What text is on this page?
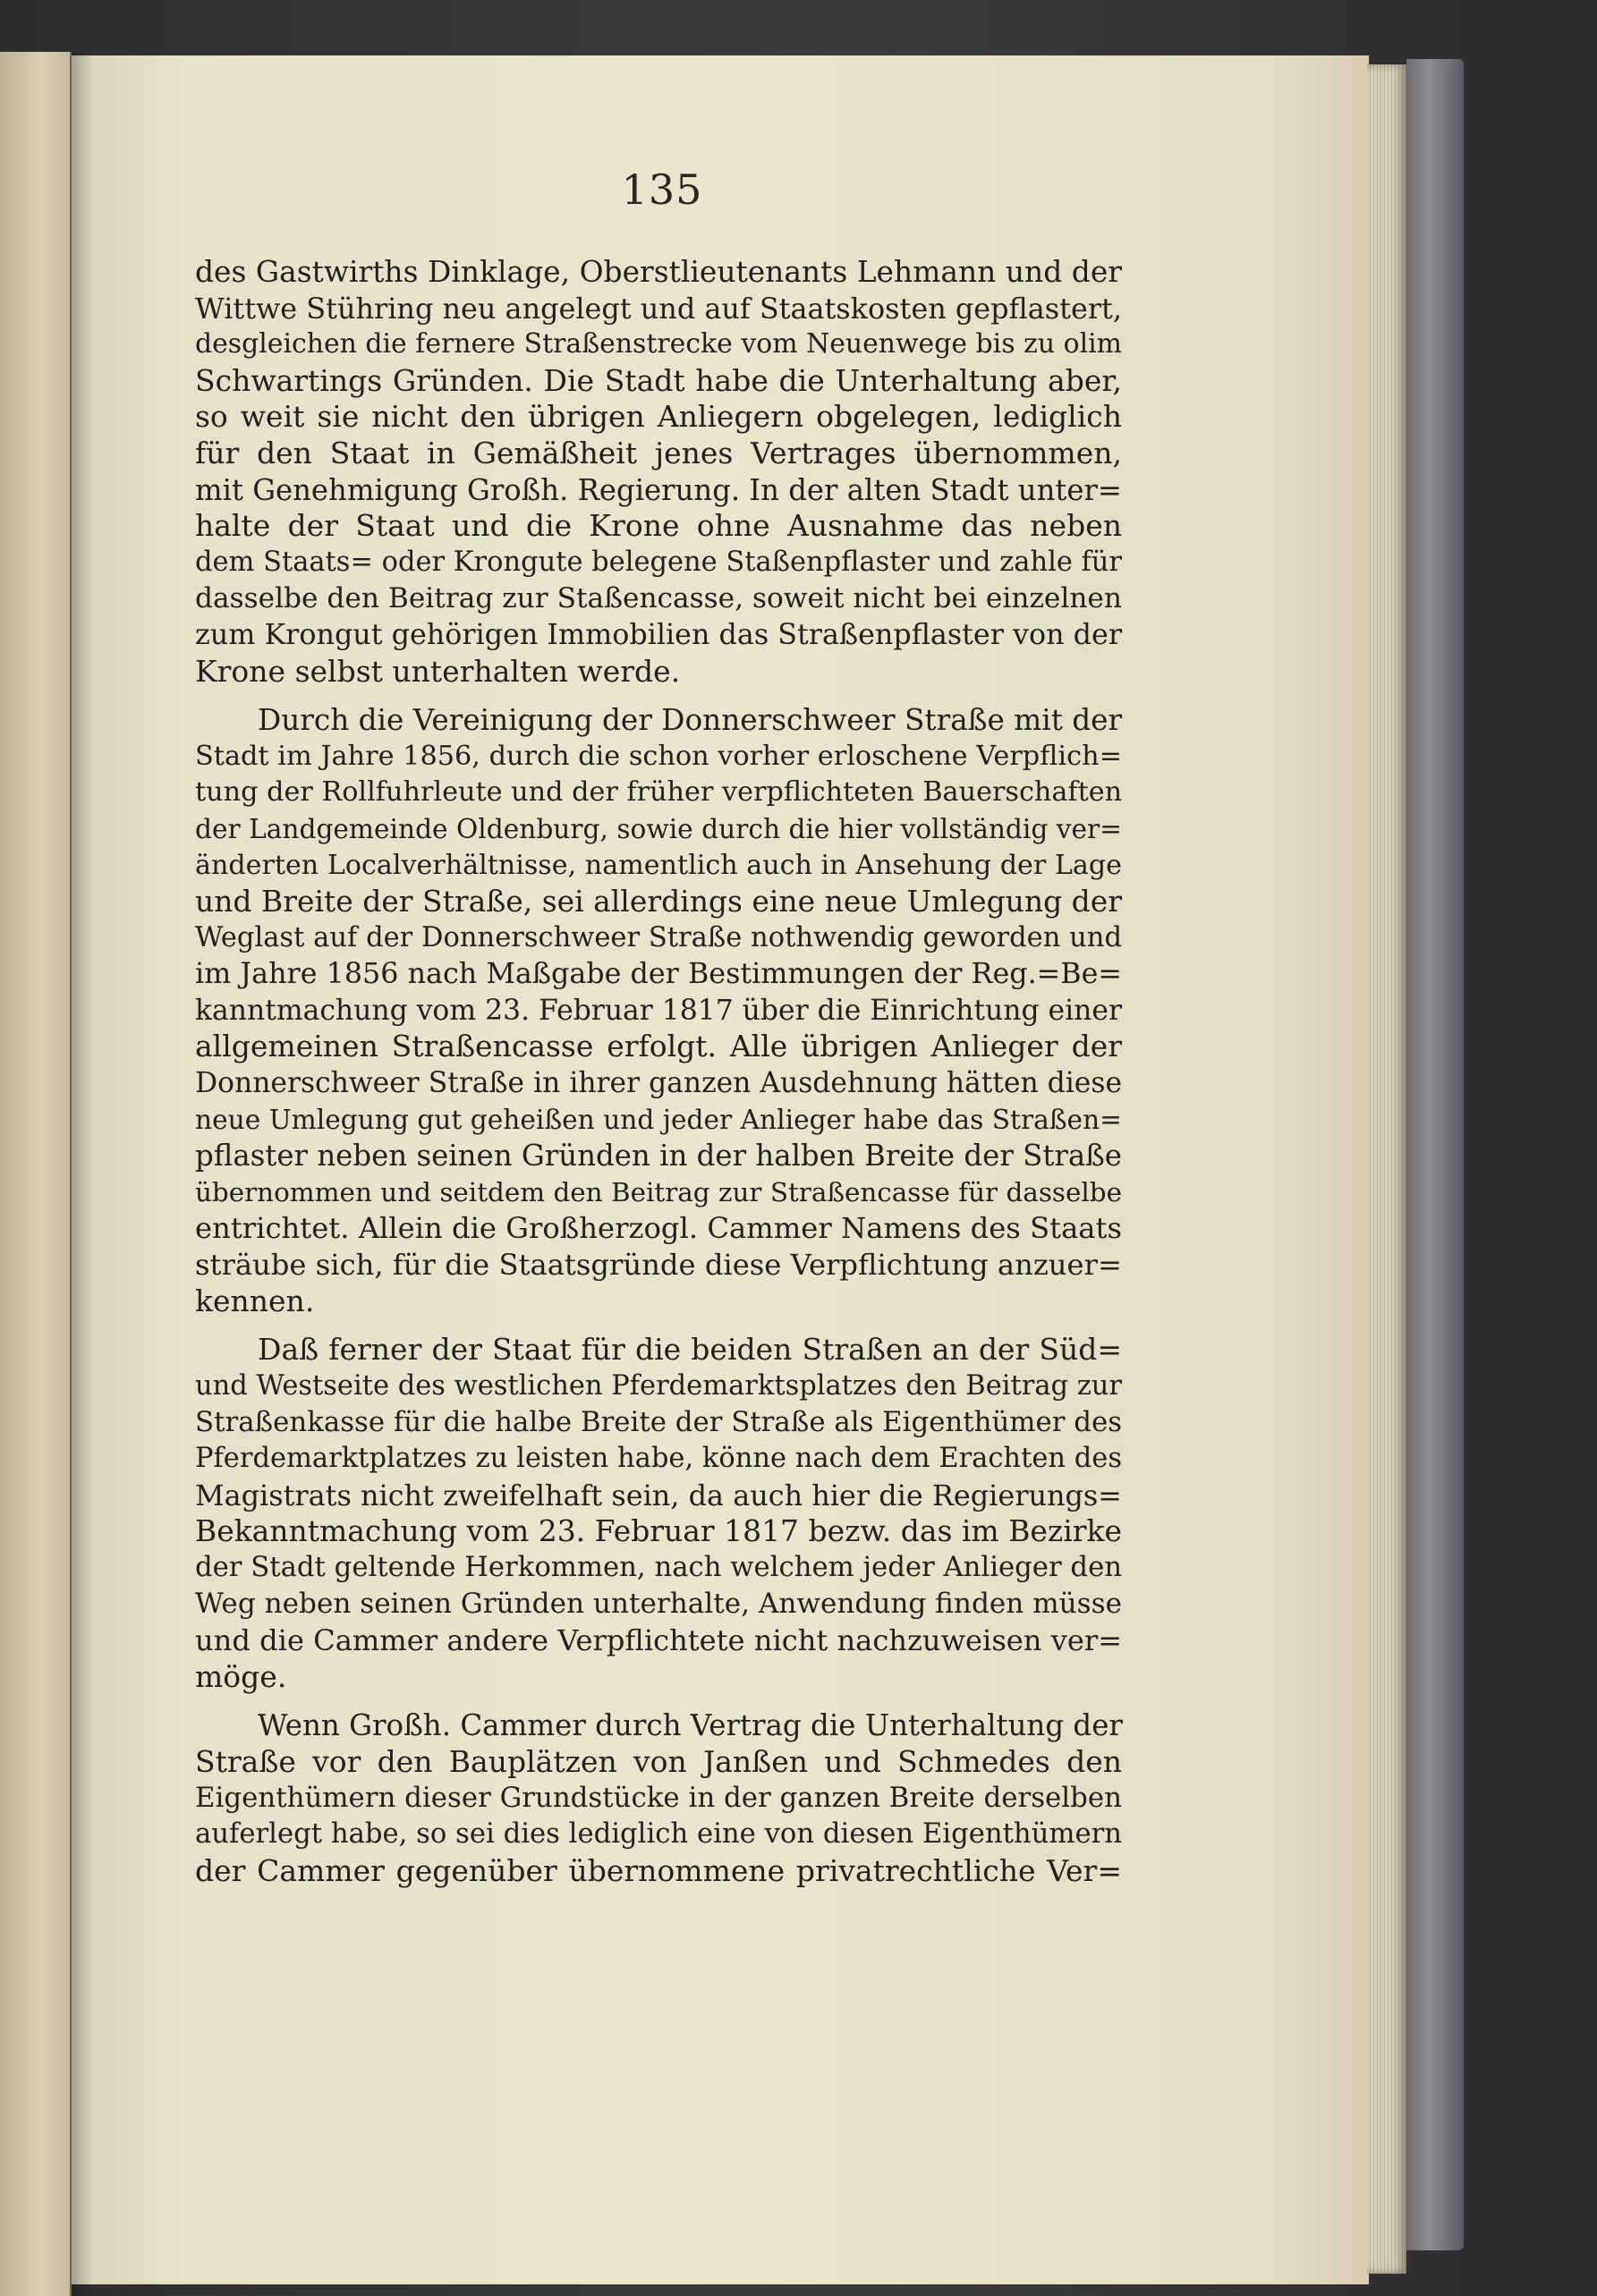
135
des Gastwirths Dinklage, Oberstlieutenants Lehmann und der
Wittwe Stühring neu angelegt und auf Staatskosten gepflastert,
desgleichen die fernere Straßenstrecke vom Neuenwege bis zu olim
Schwartings Gründen. Die Stadt habe die Unterhaltung aber,
so weit sie nicht den übrigen Anliegern obgelegen, lediglich
für den Staat in Gemäßheit jenes Vertrages übernommen,
mit Genehmigung Großh. Regierung. In der alten Stadt unter=
halte der Staat und die Krone ohne Ausnahme das neben
dem Staats= oder Krongute belegene Staßenpflaster und zahle für
dasselbe den Beitrag zur Staßencasse, soweit nicht bei einzelnen
zum Krongut gehörigen Immobilien das Straßenpflaster von der
Krone selbst unterhalten werde.
Durch die Vereinigung der Donnerschweer Straße mit der
Stadt im Jahre 1856, durch die schon vorher erloschene Verpflich=
tung der Rollfuhrleute und der früher verpflichteten Bauerschaften
der Landgemeinde Oldenburg, sowie durch die hier vollständig ver=
änderten Localverhältnisse, namentlich auch in Ansehung der Lage
und Breite der Straße, sei allerdings eine neue Umlegung der
Weglast auf der Donnerschweer Straße nothwendig geworden und
im Jahre 1856 nach Maßgabe der Bestimmungen der Reg.=Be=
kanntmachung vom 23. Februar 1817 über die Einrichtung einer
allgemeinen Straßencasse erfolgt. Alle übrigen Anlieger der
Donnerschweer Straße in ihrer ganzen Ausdehnung hätten diese
neue Umlegung gut geheißen und jeder Anlieger habe das Straßen=
pflaster neben seinen Gründen in der halben Breite der Straße
übernommen und seitdem den Beitrag zur Straßencasse für dasselbe
entrichtet. Allein die Großherzogl. Cammer Namens des Staats
sträube sich, für die Staatsgründe diese Verpflichtung anzuer=
kennen.
Daß ferner der Staat für die beiden Straßen an der Süd=
und Westseite des westlichen Pferdemarktsplatzes den Beitrag zur
Straßenkasse für die halbe Breite der Straße als Eigenthümer des
Pferdemarktplatzes zu leisten habe, könne nach dem Erachten des
Magistrats nicht zweifelhaft sein, da auch hier die Regierungs=
Bekanntmachung vom 23. Februar 1817 bezw. das im Bezirke
der Stadt geltende Herkommen, nach welchem jeder Anlieger den
Weg neben seinen Gründen unterhalte, Anwendung finden müsse
und die Cammer andere Verpflichtete nicht nachzuweisen ver=
möge.
Wenn Großh. Cammer durch Vertrag die Unterhaltung der
Straße vor den Bauplätzen von Janßen und Schmedes den
Eigenthümern dieser Grundstücke in der ganzen Breite derselben
auferlegt habe, so sei dies lediglich eine von diesen Eigenthümern
der Cammer gegenüber übernommene privatrechtliche Ver=
